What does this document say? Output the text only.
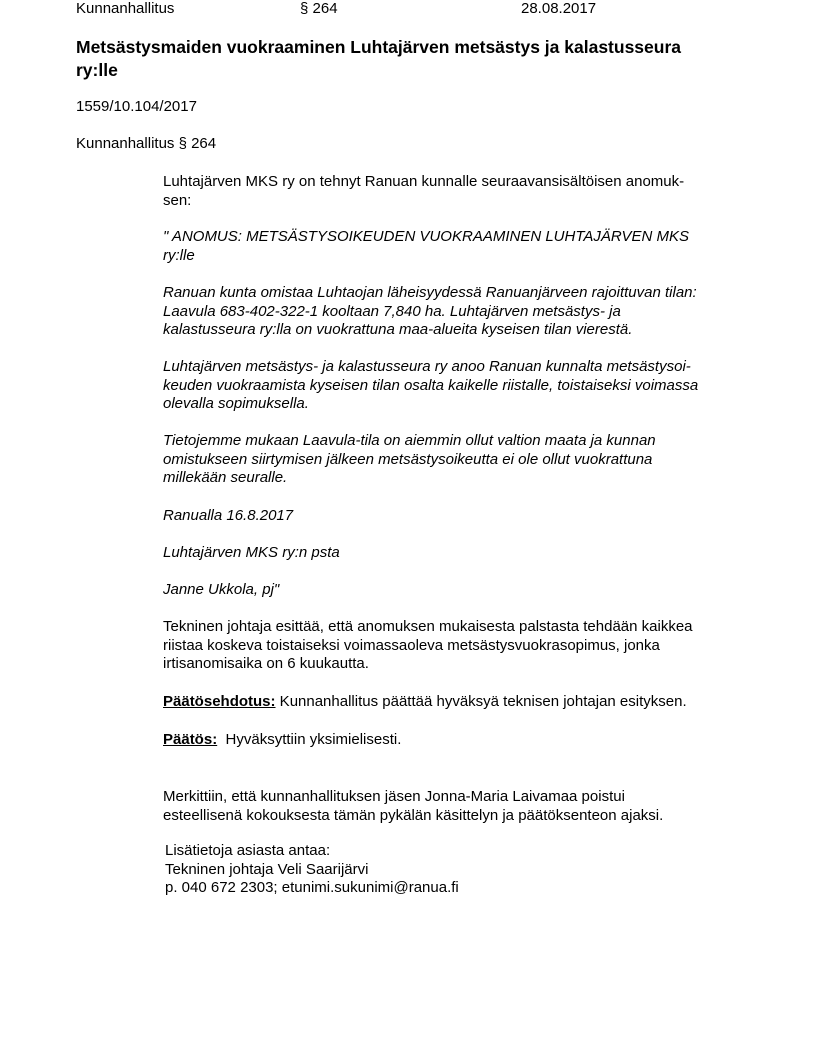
Kunnanhallitus	§ 264	28.08.2017
Metsästysmaiden vuokraaminen Luhtajärven metsästys ja kalastusseura
ry:lle
1559/10.104/2017
Kunnanhallitus § 264
Luhtajärven MKS ry on tehnyt Ranuan kunnalle seuraavansisältöisen anomuk-
sen:
" ANOMUS: METSÄSTYSOIKEUDEN VUOKRAAMINEN LUHTAJÄRVEN MKS
ry:lle
Ranuan kunta omistaa Luhtaojan läheisyydessä Ranuanjärveen rajoittuvan tilan:
Laavula 683-402-322-1 kooltaan 7,840 ha. Luhtajärven metsästys- ja
kalastusseura ry:lla on vuokrattuna maa-alueita kyseisen tilan vierestä.
Luhtajärven metsästys- ja kalastusseura ry anoo Ranuan kunnalta metsästysoi-
keuden vuokraamista kyseisen tilan osalta kaikelle riistalle, toistaiseksi voimassa
olevalla sopimuksella.
Tietojemme mukaan Laavula-tila on aiemmin ollut valtion maata ja kunnan
omistukseen siirtymisen jälkeen metsästysoikeutta ei ole ollut vuokrattuna
millekään seuralle.
Ranualla 16.8.2017
Luhtajärven MKS ry:n psta
Janne Ukkola, pj"
Tekninen johtaja esittää, että anomuksen mukaisesta palstasta tehdään kaikkea
riistaa koskeva toistaiseksi voimassaoleva metsästysvuokrasopimus, jonka
irtisanomisaika on 6 kuukautta.
Päätösehdotus: Kunnanhallitus päättää hyväksyä teknisen johtajan esityksen.
Päätös:  Hyväksyttiin yksimielisesti.
Merkittiin, että kunnanhallituksen jäsen Jonna-Maria Laivamaa poistui
esteellisenä kokouksesta tämän pykälän käsittelyn ja päätöksenteon ajaksi.
Lisätietoja asiasta antaa:
Tekninen johtaja Veli Saarijärvi
p. 040 672 2303; etunimi.sukunimi@ranua.fi
